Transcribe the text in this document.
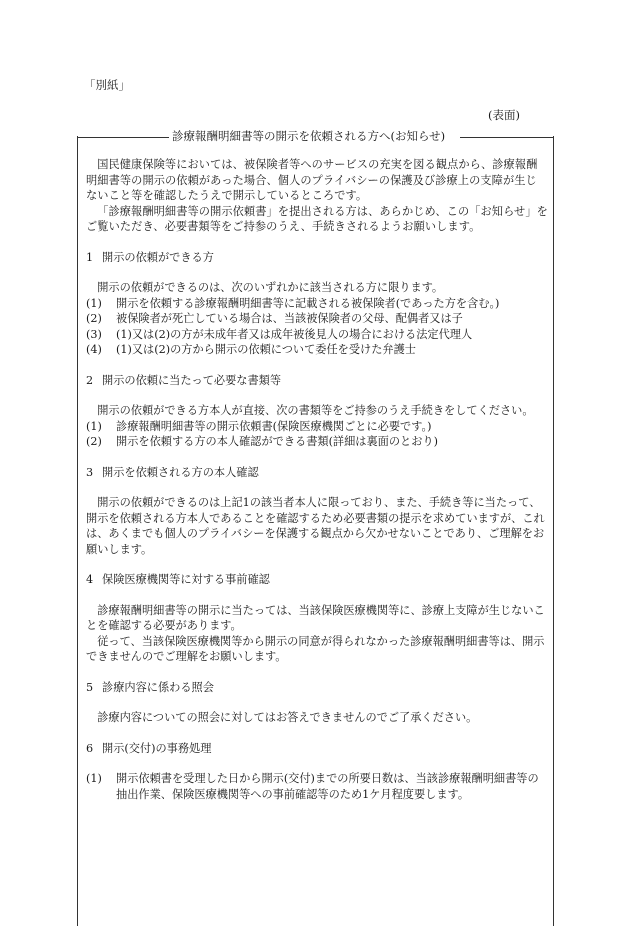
「別紙」
(表面)
診療報酬明細書等の開示を依頼される方へ(お知らせ)

国民健康保険等においては、被保険者等へのサービスの充実を図る観点から、診療報酬明細書等の開示の依頼があった場合、個人のプライバシーの保護及び診療上の支障が生じないこと等を確認したうえで開示しているところです。

「診療報酬明細書等の開示依頼書」を提出される方は、あらかじめ、この「お知らせ」をご覧いただき、必要書類等をご持参のうえ、手続きされるようお願いします。

1 開示の依頼ができる方

開示の依頼ができるのは、次のいずれかに該当される方に限ります。

(1) 開示を依頼する診療報酬明細書等に記載される被保険者(であった方を含む。)

(2) 被保険者が死亡している場合は、当該被保険者の父母、配偶者又は子

(3) (1)又は(2)の方が未成年者又は成年被後見人の場合における法定代理人

(4) (1)又は(2)の方から開示の依頼について委任を受けた弁護士

2 開示の依頼に当たって必要な書類等

開示の依頼ができる方本人が直接、次の書類等をご持参のうえ手続きをしてください。

(1) 診療報酬明細書等の開示依頼書(保険医療機関ごとに必要です。)

(2) 開示を依頼する方の本人確認ができる書類(詳細は裏面のとおり)

3 開示を依頼される方の本人確認

開示の依頼ができるのは上記1の該当者本人に限っており、また、手続き等に当たって、開示を依頼される方本人であることを確認するため必要書類の提示を求めていますが、これは、あくまでも個人のプライバシーを保護する観点から欠かせないことであり、ご理解をお願いします。

4 保険医療機関等に対する事前確認

診療報酬明細書等の開示に当たっては、当該保険医療機関等に、診療上支障が生じないことを確認する必要があります。

従って、当該保険医療機関等から開示の同意が得られなかった診療報酬明細書等は、開示できませんのでご理解をお願いします。

5 診療内容に係わる照会

診療内容についての照会に対してはお答えできませんのでご了承ください。

6 開示(交付)の事務処理

(1) 開示依頼書を受理した日から開示(交付)までの所要日数は、当該診療報酬明細書等の抽出作業、保険医療機関等への事前確認等のため1ケ月程度要します。
